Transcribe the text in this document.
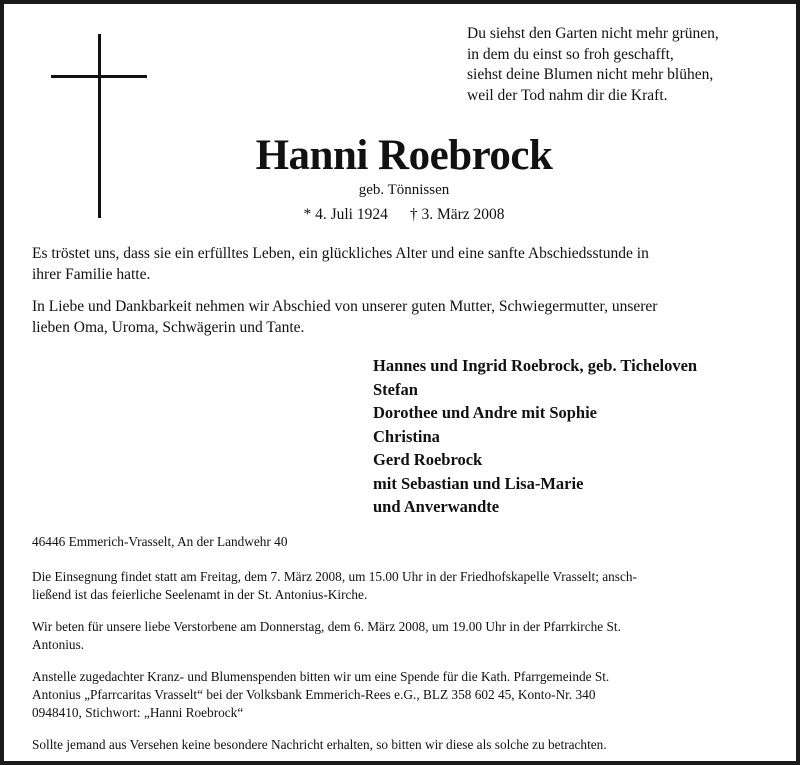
Du siehst den Garten nicht mehr grünen,
in dem du einst so froh geschafft,
siehst deine Blumen nicht mehr blühen,
weil der Tod nahm dir die Kraft.
Hanni Roebrock
geb. Tönnissen
* 4. Juli 1924 † 3. März 2008
Es tröstet uns, dass sie ein erfülltes Leben, ein glückliches Alter und eine sanfte Abschiedsstunde in
ihrer Familie hatte.
In Liebe und Dankbarkeit nehmen wir Abschied von unserer guten Mutter, Schwiegermutter, unserer
lieben Oma, Uroma, Schwägerin und Tante.
Hannes und Ingrid Roebrock, geb. Ticheloven
Stefan
Dorothee und Andre mit Sophie
Christina
Gerd Roebrock
mit Sebastian und Lisa-Marie
und Anverwandte
46446 Emmerich-Vrasselt, An der Landwehr 40
Die Einsegnung findet statt am Freitag, dem 7. März 2008, um 15.00 Uhr in der Friedhofskapelle Vrasselt; ansch-
ließend ist das feierliche Seelenamt in der St. Antonius-Kirche.
Wir beten für unsere liebe Verstorbene am Donnerstag, dem 6. März 2008, um 19.00 Uhr in der Pfarrkirche St.
Antonius.
Anstelle zugedachter Kranz- und Blumenspenden bitten wir um eine Spende für die Kath. Pfarrgemeinde St.
Antonius „Pfarrcaritas Vrasselt“ bei der Volksbank Emmerich-Rees e.G., BLZ 358 602 45, Konto-Nr. 340
0948410, Stichwort: „Hanni Roebrock“
Sollte jemand aus Versehen keine besondere Nachricht erhalten, so bitten wir diese als solche zu betrachten.
